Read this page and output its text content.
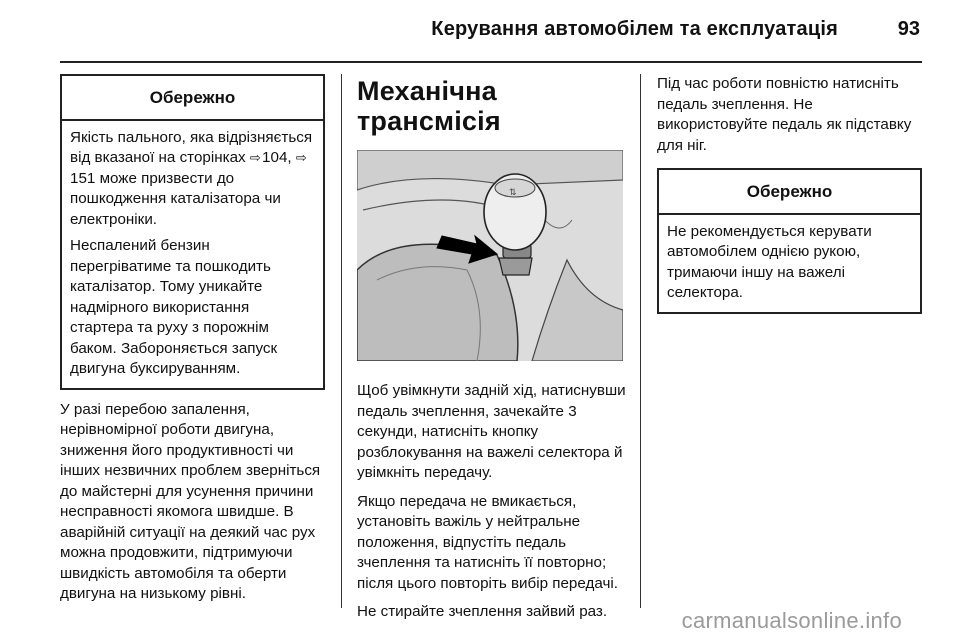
Керування автомобілем та експлуатація	93
Обережно

Якість пального, яка відрізняється від вказаної на сторінках ⇨ 104, ⇨ 151 може призвести до пошкодження каталізатора чи електроніки.

Неспалений бензин перегріватиме та пошкодить каталізатор. Тому уникайте надмірного використання стартера та руху з порожнім баком. Забороняється запуск двигуна буксируванням.

У разі перебою запалення, нерівномірної роботи двигуна, зниження його продуктивності чи інших незвичних проблем зверніться до майстерні для усунення причини несправності якомога швидше. В аварійній ситуації на деякий час рух можна продовжити, підтримуючи швидкість автомобіля та оберти двигуна на низькому рівні.

Механічна трансмісія
⇅

Щоб увімкнути задній хід, натиснувши педаль зчеплення, зачекайте 3 секунди, натисніть кнопку розблокування на важелі селектора й увімкніть передачу.

Якщо передача не вмикається, установіть важіль у нейтральне положення, відпустіть педаль зчеплення та натисніть її повторно; після цього повторіть вибір передачі.

Не стирайте зчеплення зайвий раз.

Під час роботи повністю натисніть педаль зчеплення. Не використовуйте педаль як підставку для ніг.

Обережно

Не рекомендується керувати автомобілем однією рукою, тримаючи іншу на важелі селектора.

carmanualsonline.info
